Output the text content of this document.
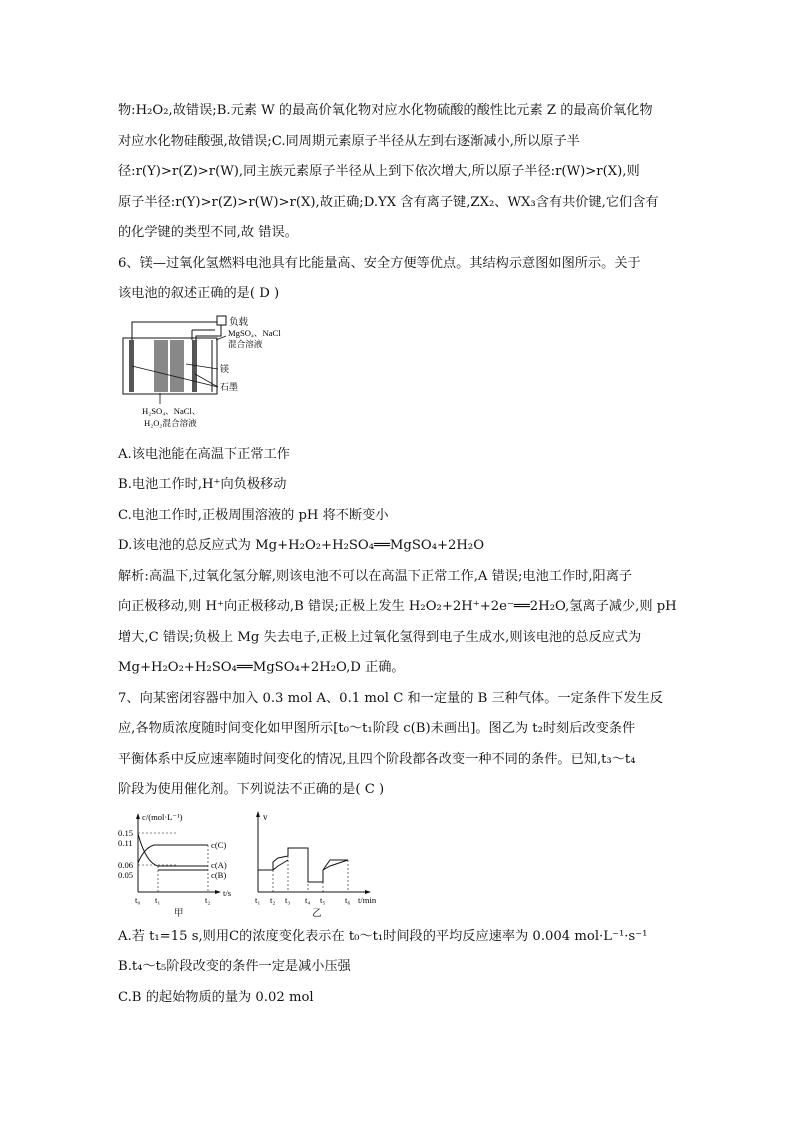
物:H₂O₂,故错误;B.元素 W 的最高价氧化物对应水化物硫酸的酸性比元素 Z 的最高价氧化物

对应水化物硅酸强,故错误;C.同周期元素原子半径从左到右逐渐减小,所以原子半

径:r(Y)>r(Z)>r(W),同主族元素原子半径从上到下依次增大,所以原子半径:r(W)>r(X),则

原子半径:r(Y)>r(Z)>r(W)>r(X),故正确;D.YX 含有离子键,ZX₂、WX₃含有共价键,它们含有

的化学键的类型不同,故 错误。

6、镁—过氧化氢燃料电池具有比能量高、安全方便等优点。其结构示意图如图所示。关于

该电池的叙述正确的是( D )

负载
MgSO₄、NaCl
混合溶液
镁
石墨
H₂SO₄、NaCl、
H₂O₂混合溶液

A.该电池能在高温下正常工作

B.电池工作时,H⁺向负极移动

C.电池工作时,正极周围溶液的 pH 将不断变小

D.该电池的总反应式为 Mg+H₂O₂+H₂SO₄══MgSO₄+2H₂O

解析:高温下,过氧化氢分解,则该电池不可以在高温下正常工作,A 错误;电池工作时,阳离子

向正极移动,则 H⁺向正极移动,B 错误;正极上发生 H₂O₂+2H⁺+2e⁻══2H₂O,氢离子减少,则 pH

增大,C 错误;负极上 Mg 失去电子,正极上过氧化氢得到电子生成水,则该电池的总反应式为

Mg+H₂O₂+H₂SO₄══MgSO₄+2H₂O,D 正确。

7、向某密闭容器中加入 0.3 mol A、0.1 mol C 和一定量的 B 三种气体。一定条件下发生反

应,各物质浓度随时间变化如甲图所示[t₀～t₁阶段 c(B)未画出]。图乙为 t₂时刻后改变条件

平衡体系中反应速率随时间变化的情况,且四个阶段都各改变一种不同的条件。已知,t₃～t₄

阶段为使用催化剂。下列说法不正确的是( C )

c/(mol·L⁻¹)
0.15
0.11
0.06
0.05
c(C)
c(A)
c(B)
t₀ t₁	t₂
t/s
甲
v
t₁ t₂ t₃ t₄ t₅ t₆ t/min
乙

A.若 t₁=15 s,则用C的浓度变化表示在 t₀～t₁时间段的平均反应速率为 0.004 mol·L⁻¹·s⁻¹

B.t₄～t₅阶段改变的条件一定是减小压强

C.B 的起始物质的量为 0.02 mol
